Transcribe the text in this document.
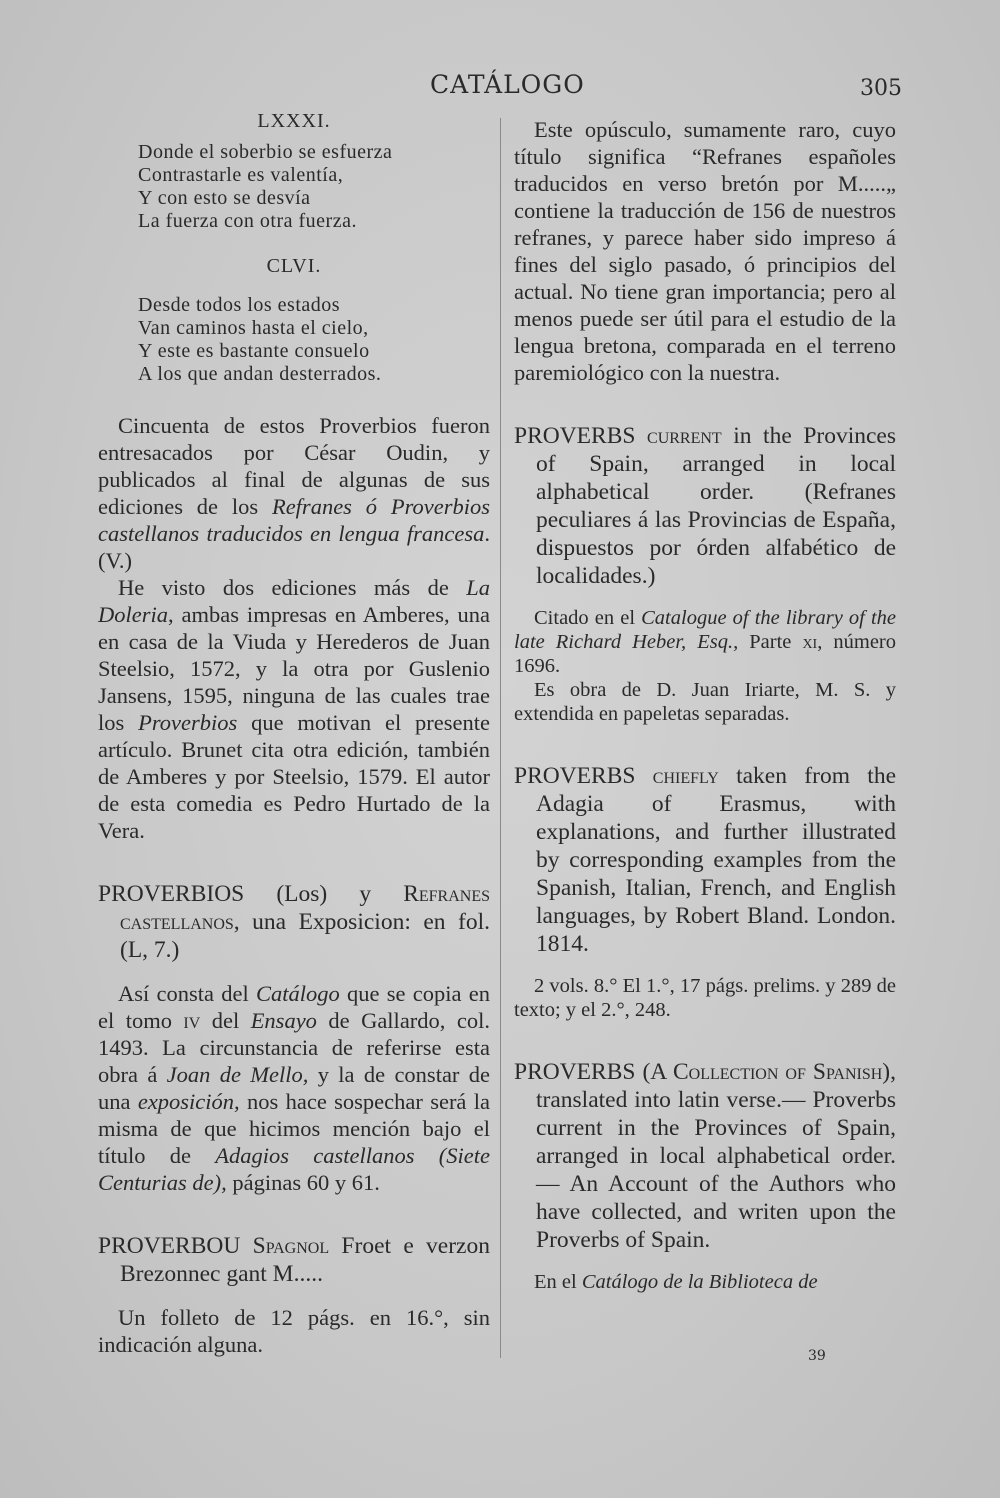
CATÁLOGO	305
LXXXI.
Donde el soberbio se esfuerza
Contrastarle es valentía,
Y con esto se desvía
La fuerza con otra fuerza.
CLVI.
Desde todos los estados
Van caminos hasta el cielo,
Y este es bastante consuelo
A los que andan desterrados.

Cincuenta de estos Proverbios fueron entresacados por César Oudin, y publicados al final de algunas de sus ediciones de los Refranes ó Proverbios castellanos traducidos en lengua francesa. (V.)

He visto dos ediciones más de La Doleria, ambas impresas en Amberes, una en casa de la Viuda y Herederos de Juan Steelsio, 1572, y la otra por Guslenio Jansens, 1595, ninguna de las cuales trae los Proverbios que motivan el presente artículo. Brunet cita otra edición, también de Amberes y por Steelsio, 1579. El autor de esta comedia es Pedro Hurtado de la Vera.

PROVERBIOS (Los) y Refranes castellanos, una Exposicion: en fol. (L, 7.)

Así consta del Catálogo que se copia en el tomo iv del Ensayo de Gallardo, col. 1493. La circunstancia de referirse esta obra á Joan de Mello, y la de constar de una exposición, nos hace sospechar será la misma de que hicimos mención bajo el título de Adagios castellanos (Siete Centurias de), páginas 60 y 61.

PROVERBOU Spagnol Froet e verzon Brezonnec gant M.....

Un folleto de 12 págs. en 16.°, sin indicación alguna.

Este opúsculo, sumamente raro, cuyo título significa “Refranes españoles traducidos en verso bretón por M.....„ contiene la traducción de 156 de nuestros refranes, y parece haber sido impreso á fines del siglo pasado, ó principios del actual. No tiene gran importancia; pero al menos puede ser útil para el estudio de la lengua bretona, comparada en el terreno paremiológico con la nuestra.

PROVERBS current in the Provinces of Spain, arranged in local alphabetical order. (Refranes peculiares á las Provincias de España, dispuestos por órden alfabético de localidades.)

Citado en el Catalogue of the library of the late Richard Heber, Esq., Parte xi, número 1696.

Es obra de D. Juan Iriarte, M. S. y extendida en papeletas separadas.

PROVERBS chiefly taken from the Adagia of Erasmus, with explanations, and further illustrated by corresponding examples from the Spanish, Italian, French, and English languages, by Robert Bland. London. 1814.

2 vols. 8.° El 1.°, 17 págs. prelims. y 289 de texto; y el 2.°, 248.

PROVERBS (A Collection of Spanish), translated into latin verse.— Proverbs current in the Provinces of Spain, arranged in local alphabetical order.— An Account of the Authors who have collected, and writen upon the Proverbs of Spain.

En el Catálogo de la Biblioteca de

39
